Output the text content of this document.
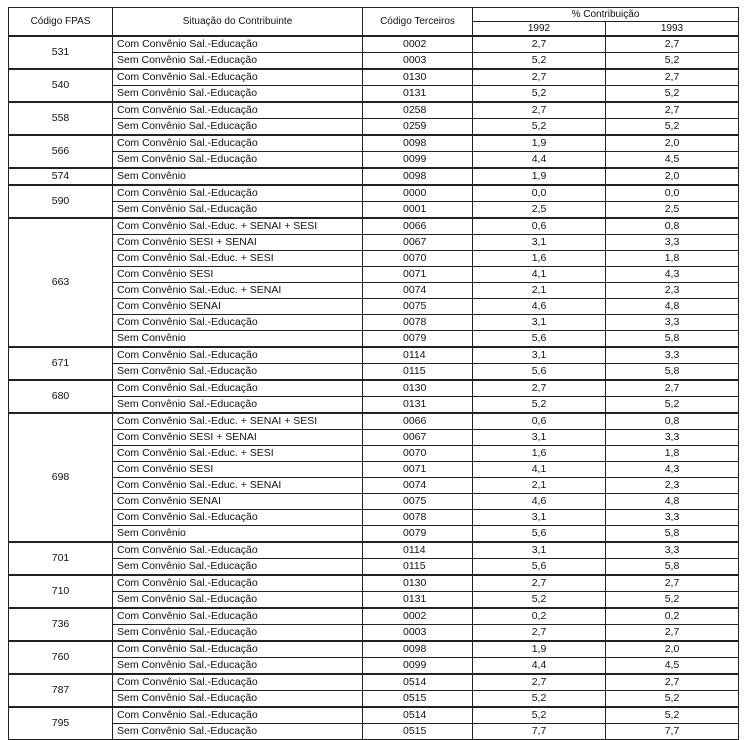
Código FPAS	Situação do Contribuinte	Código Terceiros	% Contribuição	
			1992	1993
531	Com Convênio Sal.-Educação	0002	2,7	2,7
	Sem Convênio Sal.-Educação	0003	5,2	5,2
540	Com Convênio Sal.-Educação	0130	2,7	2,7
	Sem Convênio Sal.-Educação	0131	5,2	5,2
558	Com Convênio Sal.-Educação	0258	2,7	2,7
	Sem Convênio Sal.-Educação	0259	5,2	5,2
566	Com Convênio Sal.-Educação	0098	1,9	2,0
	Sem Convênio Sal.-Educação	0099	4,4	4,5
574	Sem Convênio	0098	1,9	2,0
590	Com Convênio Sal.-Educação	0000	0,0	0,0
	Sem Convênio Sal.-Educação	0001	2,5	2,5
663	Com Convênio Sal.-Educ. + SENAI + SESI	0066	0,6	0,8
	Com Convênio SESI + SENAI	0067	3,1	3,3
	Com Convênio Sal.-Educ. + SESI	0070	1,6	1,8
	Com Convênio SESI	0071	4,1	4,3
	Com Convênio Sal.-Educ. + SENAI	0074	2,1	2,3
	Com Convênio SENAI	0075	4,6	4,8
	Com Convênio Sal.-Educação	0078	3,1	3,3
	Sem Convênio	0079	5,6	5,8
671	Com Convênio Sal.-Educação	0114	3,1	3,3
	Sem Convênio Sal.-Educação	0115	5,6	5,8
680	Com Convênio Sal.-Educação	0130	2,7	2,7
	Sem Convênio Sal.-Educação	0131	5,2	5,2
698	Com Convênio Sal.-Educ. + SENAI + SESI	0066	0,6	0,8
	Com Convênio SESI + SENAI	0067	3,1	3,3
	Com Convênio Sal.-Educ. + SESI	0070	1,6	1,8
	Com Convênio SESI	0071	4,1	4,3
	Com Convênio Sal.-Educ. + SENAI	0074	2,1	2,3
	Com Convênio SENAI	0075	4,6	4,8
	Com Convênio Sal.-Educação	0078	3,1	3,3
	Sem Convênio	0079	5,6	5,8
701	Com Convênio Sal.-Educação	0114	3,1	3,3
	Sem Convênio Sal.-Educação	0115	5,6	5,8
710	Com Convênio Sal.-Educação	0130	2,7	2,7
	Sem Convênio Sal.-Educação	0131	5,2	5,2
736	Com Convênio Sal.-Educação	0002	0,2	0,2
	Sem Convênio Sal.-Educação	0003	2,7	2,7
760	Com Convênio Sal.-Educação	0098	1,9	2,0
	Sem Convênio Sal.-Educação	0099	4,4	4,5
787	Com Convênio Sal.-Educação	0514	2,7	2,7
	Sem Convênio Sal.-Educação	0515	5,2	5,2
795	Com Convênio Sal.-Educação	0514	5,2	5,2
	Sem Convênio Sal.-Educação	0515	7,7	7,7
